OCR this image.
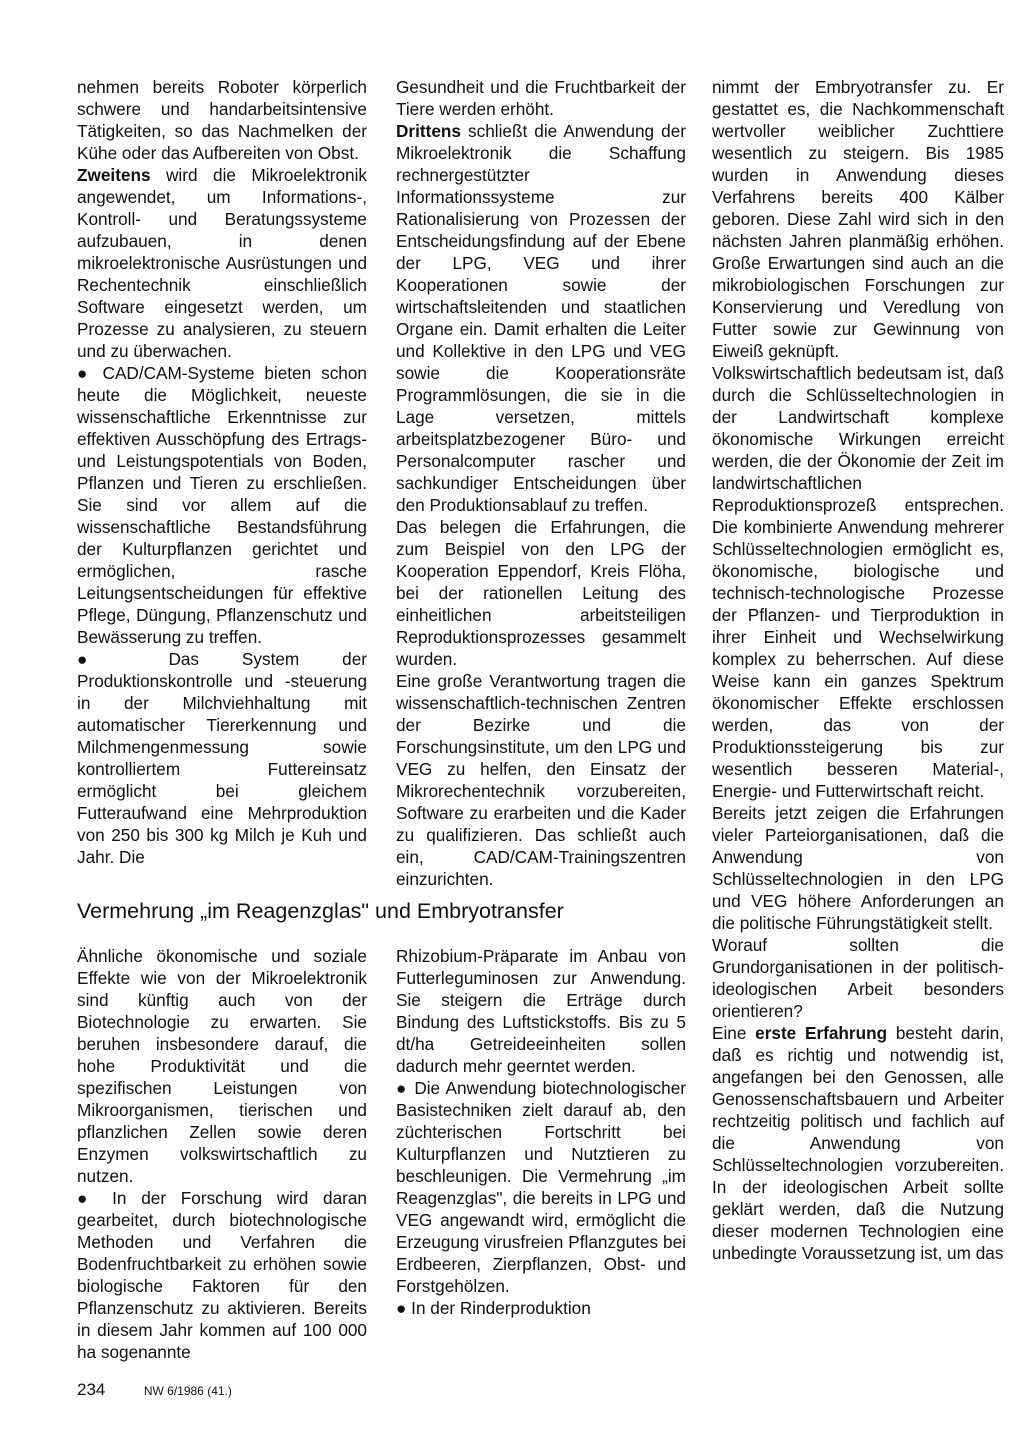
nehmen bereits Roboter körperlich schwere und handarbeitsintensive Tätigkeiten, so das Nachmelken der Kühe oder das Aufbereiten von Obst.

Zweitens wird die Mikroelektronik angewendet, um Informations-, Kontroll- und Beratungssysteme aufzubauen, in denen mikroelektronische Ausrüstungen und Rechentechnik einschließlich Software eingesetzt werden, um Prozesse zu analysieren, zu steuern und zu überwachen.

● CAD/CAM-Systeme bieten schon heute die Möglichkeit, neueste wissenschaftliche Erkenntnisse zur effektiven Ausschöpfung des Ertrags- und Leistungspotentials von Boden, Pflanzen und Tieren zu erschließen. Sie sind vor allem auf die wissenschaftliche Bestandsführung der Kulturpflanzen gerichtet und ermöglichen, rasche Leitungsentscheidungen für effektive Pflege, Düngung, Pflanzenschutz und Bewässerung zu treffen.

● Das System der Produktionskontrolle und -steuerung in der Milchviehhaltung mit automatischer Tiererkennung und Milchmengenmessung sowie kontrolliertem Futtereinsatz ermöglicht bei gleichem Futteraufwand eine Mehrproduktion von 250 bis 300 kg Milch je Kuh und Jahr. Die

Gesundheit und die Fruchtbarkeit der Tiere werden erhöht.

Drittens schließt die Anwendung der Mikroelektronik die Schaffung rechnergestützter Informationssysteme zur Rationalisierung von Prozessen der Entscheidungsfindung auf der Ebene der LPG, VEG und ihrer Kooperationen sowie der wirtschaftsleitenden und staatlichen Organe ein. Damit erhalten die Leiter und Kollektive in den LPG und VEG sowie die Kooperationsräte Programmlösungen, die sie in die Lage versetzen, mittels arbeitsplatzbezogener Büro- und Personalcomputer rascher und sachkundiger Entscheidungen über den Produktionsablauf zu treffen.

Das belegen die Erfahrungen, die zum Beispiel von den LPG der Kooperation Eppendorf, Kreis Flöha, bei der rationellen Leitung des einheitlichen arbeitsteiligen Reproduktionsprozesses gesammelt wurden.

Eine große Verantwortung tragen die wissenschaftlich-technischen Zentren der Bezirke und die Forschungsinstitute, um den LPG und VEG zu helfen, den Einsatz der Mikrorechentechnik vorzubereiten, Software zu erarbeiten und die Kader zu qualifizieren. Das schließt auch ein, CAD/CAM-Trainingszentren einzurichten.

Vermehrung „im Reagenzglas" und Embryotransfer

Ähnliche ökonomische und soziale Effekte wie von der Mikroelektronik sind künftig auch von der Biotechnologie zu erwarten. Sie beruhen insbesondere darauf, die hohe Produktivität und die spezifischen Leistungen von Mikroorganismen, tierischen und pflanzlichen Zellen sowie deren Enzymen volkswirtschaftlich zu nutzen.

● In der Forschung wird daran gearbeitet, durch biotechnologische Methoden und Verfahren die Bodenfruchtbarkeit zu erhöhen sowie biologische Faktoren für den Pflanzenschutz zu aktivieren. Bereits in diesem Jahr kommen auf 100 000 ha sogenannte

Rhizobium-Präparate im Anbau von Futterleguminosen zur Anwendung. Sie steigern die Erträge durch Bindung des Luftstickstoffs. Bis zu 5 dt/ha Getreideeinheiten sollen dadurch mehr geerntet werden.

● Die Anwendung biotechnologischer Basistechniken zielt darauf ab, den züchterischen Fortschritt bei Kulturpflanzen und Nutztieren zu beschleunigen. Die Vermehrung „im Reagenzglas", die bereits in LPG und VEG angewandt wird, ermöglicht die Erzeugung virusfreien Pflanzgutes bei Erdbeeren, Zierpflanzen, Obst- und Forstgehölzen.

● In der Rinderproduktion

nimmt der Embryotransfer zu. Er gestattet es, die Nachkommenschaft wertvoller weiblicher Zuchttiere wesentlich zu steigern. Bis 1985 wurden in Anwendung dieses Verfahrens bereits 400 Kälber geboren. Diese Zahl wird sich in den nächsten Jahren planmäßig erhöhen. Große Erwartungen sind auch an die mikrobiologischen Forschungen zur Konservierung und Veredlung von Futter sowie zur Gewinnung von Eiweiß geknüpft.

Volkswirtschaftlich bedeutsam ist, daß durch die Schlüsseltechnologien in der Landwirtschaft komplexe ökonomische Wirkungen erreicht werden, die der Ökonomie der Zeit im landwirtschaftlichen Reproduktionsprozeß entsprechen. Die kombinierte Anwendung mehrerer Schlüsseltechnologien ermöglicht es, ökonomische, biologische und technisch-technologische Prozesse der Pflanzen- und Tierproduktion in ihrer Einheit und Wechselwirkung komplex zu beherrschen. Auf diese Weise kann ein ganzes Spektrum ökonomischer Effekte erschlossen werden, das von der Produktionssteigerung bis zur wesentlich besseren Material-, Energie- und Futterwirtschaft reicht.

Bereits jetzt zeigen die Erfahrungen vieler Parteiorganisationen, daß die Anwendung von Schlüsseltechnologien in den LPG und VEG höhere Anforderungen an die politische Führungstätigkeit stellt.

Worauf sollten die Grundorganisationen in der politisch-ideologischen Arbeit besonders orientieren?

Eine erste Erfahrung besteht darin, daß es richtig und notwendig ist, angefangen bei den Genossen, alle Genossenschaftsbauern und Arbeiter rechtzeitig politisch und fachlich auf die Anwendung von Schlüsseltechnologien vorzubereiten. In der ideologischen Arbeit sollte geklärt werden, daß die Nutzung dieser modernen Technologien eine unbedingte Voraussetzung ist, um das

234	NW 6/1986 (41.)
